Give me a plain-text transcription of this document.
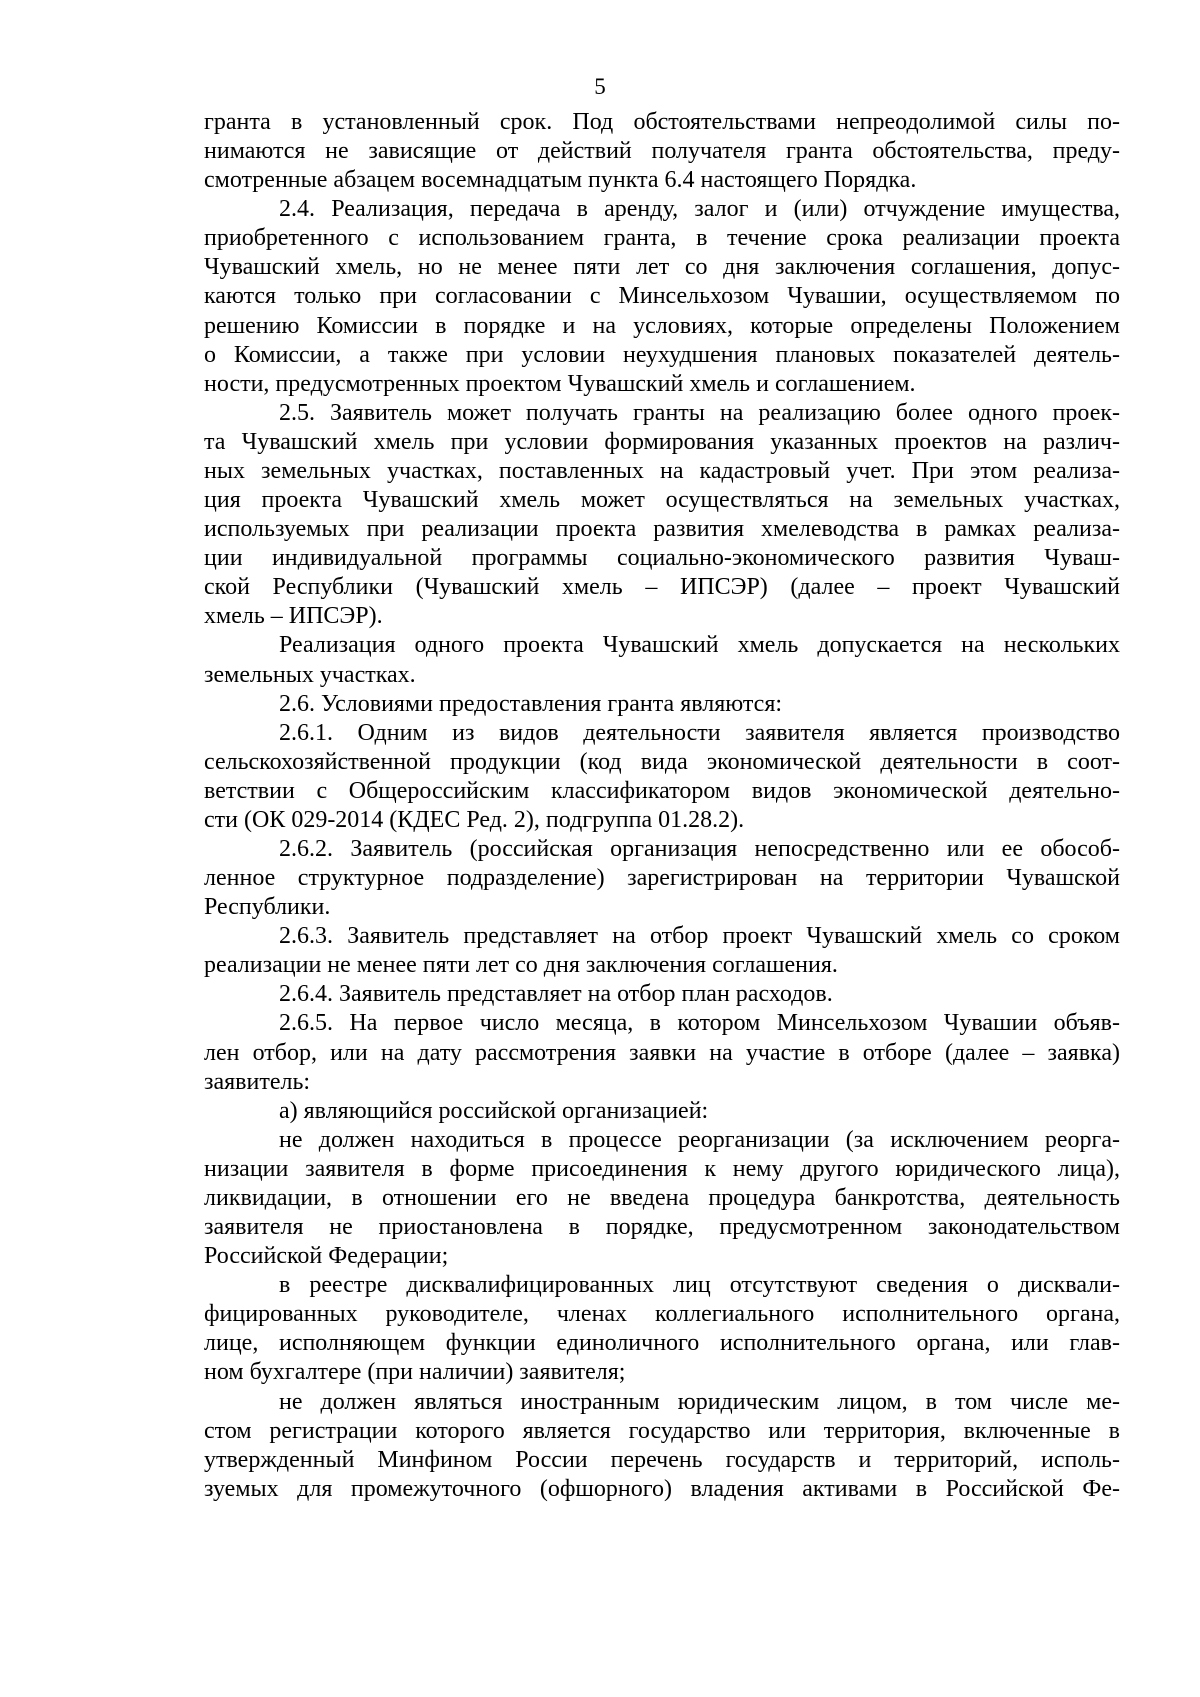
5
гранта в установленный срок. Под обстоятельствами непреодолимой силы по-
нимаются не зависящие от действий получателя гранта обстоятельства, преду-
смотренные абзацем восемнадцатым пункта 6.4 настоящего Порядка.
2.4. Реализация, передача в аренду, залог и (или) отчуждение имущества,
приобретенного с использованием гранта, в течение срока реализации проекта
Чувашский хмель, но не менее пяти лет со дня заключения соглашения, допус-
каются только при согласовании с Минсельхозом Чувашии, осуществляемом по
решению Комиссии в порядке и на условиях, которые определены Положением
о Комиссии, а также при условии неухудшения плановых показателей деятель-
ности, предусмотренных проектом Чувашский хмель и соглашением.
2.5. Заявитель может получать гранты на реализацию более одного проек-
та Чувашский хмель при условии формирования указанных проектов на различ-
ных земельных участках, поставленных на кадастровый учет. При этом реализа-
ция проекта Чувашский хмель может осуществляться на земельных участках,
используемых при реализации проекта развития хмелеводства в рамках реализа-
ции индивидуальной программы социально-экономического развития Чуваш-
ской Республики (Чувашский хмель – ИПСЭР) (далее – проект Чувашский
хмель – ИПСЭР).
Реализация одного проекта Чувашский хмель допускается на нескольких
земельных участках.
2.6. Условиями предоставления гранта являются:
2.6.1. Одним из видов деятельности заявителя является производство
сельскохозяйственной продукции (код вида экономической деятельности в соот-
ветствии с Общероссийским классификатором видов экономической деятельно-
сти (ОК 029-2014 (КДЕС Ред. 2), подгруппа 01.28.2).
2.6.2. Заявитель (российская организация непосредственно или ее обособ-
ленное структурное подразделение) зарегистрирован на территории Чувашской
Республики.
2.6.3. Заявитель представляет на отбор проект Чувашский хмель со сроком
реализации не менее пяти лет со дня заключения соглашения.
2.6.4. Заявитель представляет на отбор план расходов.
2.6.5. На первое число месяца, в котором Минсельхозом Чувашии объяв-
лен отбор, или на дату рассмотрения заявки на участие в отборе (далее – заявка)
заявитель:
а) являющийся российской организацией:
не должен находиться в процессе реорганизации (за исключением реорга-
низации заявителя в форме присоединения к нему другого юридического лица),
ликвидации, в отношении его не введена процедура банкротства, деятельность
заявителя не приостановлена в порядке, предусмотренном законодательством
Российской Федерации;
в реестре дисквалифицированных лиц отсутствуют сведения о дисквали-
фицированных руководителе, членах коллегиального исполнительного органа,
лице, исполняющем функции единоличного исполнительного органа, или глав-
ном бухгалтере (при наличии) заявителя;
не должен являться иностранным юридическим лицом, в том числе ме-
стом регистрации которого является государство или территория, включенные в
утвержденный Минфином России перечень государств и территорий, исполь-
зуемых для промежуточного (офшорного) владения активами в Российской Фе-
